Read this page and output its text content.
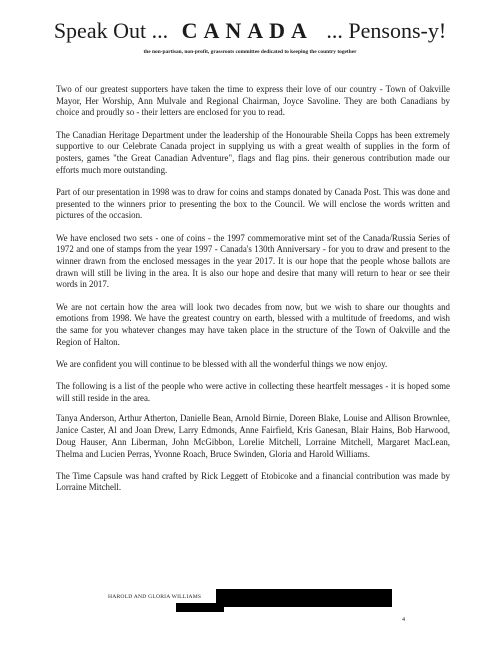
Speak Out ... CANADA ... Pensons-y!
the non-partisan, non-profit, grassroots committee dedicated to keeping the country together

Two of our greatest supporters have taken the time to express their love of our country - Town of Oakville Mayor, Her Worship, Ann Mulvale and Regional Chairman, Joyce Savoline. They are both Canadians by choice and proudly so - their letters are enclosed for you to read.

The Canadian Heritage Department under the leadership of the Honourable Sheila Copps has been extremely supportive to our Celebrate Canada project in supplying us with a great wealth of supplies in the form of posters, games "the Great Canadian Adventure", flags and flag pins. their generous contribution made our efforts much more outstanding.

Part of our presentation in 1998 was to draw for coins and stamps donated by Canada Post. This was done and presented to the winners prior to presenting the box to the Council. We will enclose the words written and pictures of the occasion.

We have enclosed two sets - one of coins - the 1997 commemorative mint set of the Canada/Russia Series of 1972 and one of stamps from the year 1997 - Canada's 130th Anniversary - for you to draw and present to the winner drawn from the enclosed messages in the year 2017. It is our hope that the people whose ballots are drawn will still be living in the area. It is also our hope and desire that many will return to hear or see their words in 2017.

We are not certain how the area will look two decades from now, but we wish to share our thoughts and emotions from 1998. We have the greatest country on earth, blessed with a multitude of freedoms, and wish the same for you whatever changes may have taken place in the structure of the Town of Oakville and the Region of Halton.

We are confident you will continue to be blessed with all the wonderful things we now enjoy.

The following is a list of the people who were active in collecting these heartfelt messages - it is hoped some will still reside in the area.

Tanya Anderson, Arthur Atherton, Danielle Bean, Arnold Birnie, Doreen Blake, Louise and Allison Brownlee, Janice Caster, Al and Joan Drew, Larry Edmonds, Anne Fairfield, Kris Ganesan, Blair Hains, Bob Harwood, Doug Hauser, Ann Liberman, John McGibbon, Lorelie Mitchell, Lorraine Mitchell, Margaret MacLean, Thelma and Lucien Perras, Yvonne Roach, Bruce Swinden, Gloria and Harold Williams.

The Time Capsule was hand crafted by Rick Leggett of Etobicoke and a financial contribution was made by Lorraine Mitchell.

HAROLD AND GLORIA WILLIAMS
4
